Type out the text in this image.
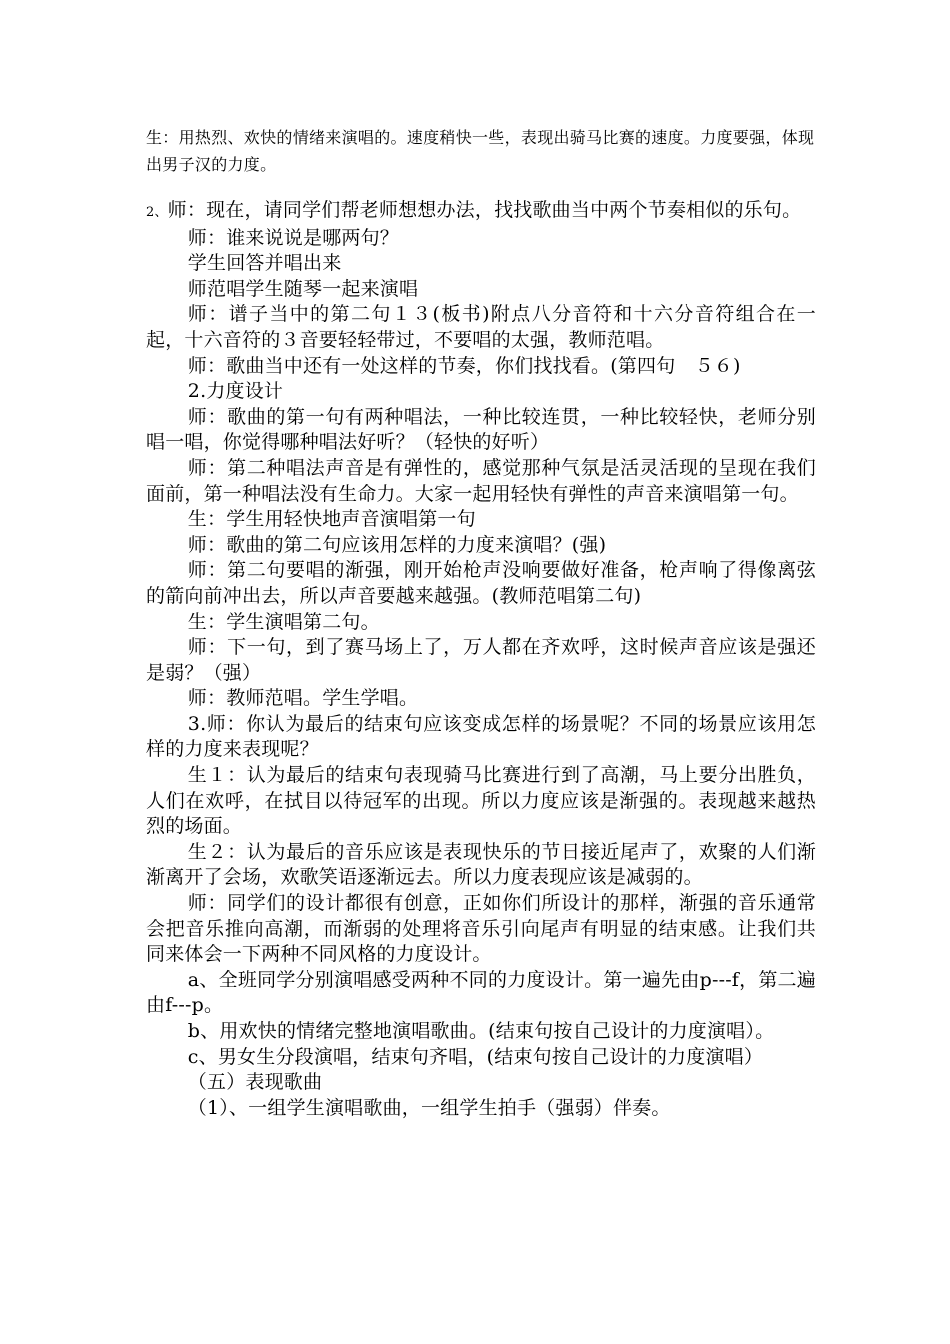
生：用热烈、欢快的情绪来演唱的。速度稍快一些，表现出骑马比赛的速度。力度要强，体现出男子汉的力度。

2、师：现在，请同学们帮老师想想办法，找找歌曲当中两个节奏相似的乐句。

师：谁来说说是哪两句？

学生回答并唱出来

师范唱学生随琴一起来演唱

师：谱子当中的第二句１３(板书)附点八分音符和十六分音符组合在一起，十六音符的３音要轻轻带过，不要唱的太强，教师范唱。

师：歌曲当中还有一处这样的节奏，你们找找看。(第四句　５６)

2.力度设计

师：歌曲的第一句有两种唱法，一种比较连贯，一种比较轻快，老师分别唱一唱，你觉得哪种唱法好听？（轻快的好听）

师：第二种唱法声音是有弹性的，感觉那种气氛是活灵活现的呈现在我们面前，第一种唱法没有生命力。大家一起用轻快有弹性的声音来演唱第一句。

生：学生用轻快地声音演唱第一句

师：歌曲的第二句应该用怎样的力度来演唱？(强)

师：第二句要唱的渐强，刚开始枪声没响要做好准备，枪声响了得像离弦的箭向前冲出去，所以声音要越来越强。(教师范唱第二句)

生：学生演唱第二句。

师：下一句，到了赛马场上了，万人都在齐欢呼，这时候声音应该是强还是弱？（强）

师：教师范唱。学生学唱。

3.师：你认为最后的结束句应该变成怎样的场景呢？不同的场景应该用怎样的力度来表现呢？

生１：认为最后的结束句表现骑马比赛进行到了高潮，马上要分出胜负，人们在欢呼，在拭目以待冠军的出现。所以力度应该是渐强的。表现越来越热烈的场面。

生２：认为最后的音乐应该是表现快乐的节日接近尾声了，欢聚的人们渐渐离开了会场，欢歌笑语逐渐远去。所以力度表现应该是减弱的。

师：同学们的设计都很有创意，正如你们所设计的那样，渐强的音乐通常会把音乐推向高潮，而渐弱的处理将音乐引向尾声有明显的结束感。让我们共同来体会一下两种不同风格的力度设计。

a、全班同学分别演唱感受两种不同的力度设计。第一遍先由p---f，第二遍由f---p。

b、用欢快的情绪完整地演唱歌曲。(结束句按自己设计的力度演唱）。

c、男女生分段演唱，结束句齐唱，(结束句按自己设计的力度演唱）

（五）表现歌曲

（1）、一组学生演唱歌曲，一组学生拍手（强弱）伴奏。
